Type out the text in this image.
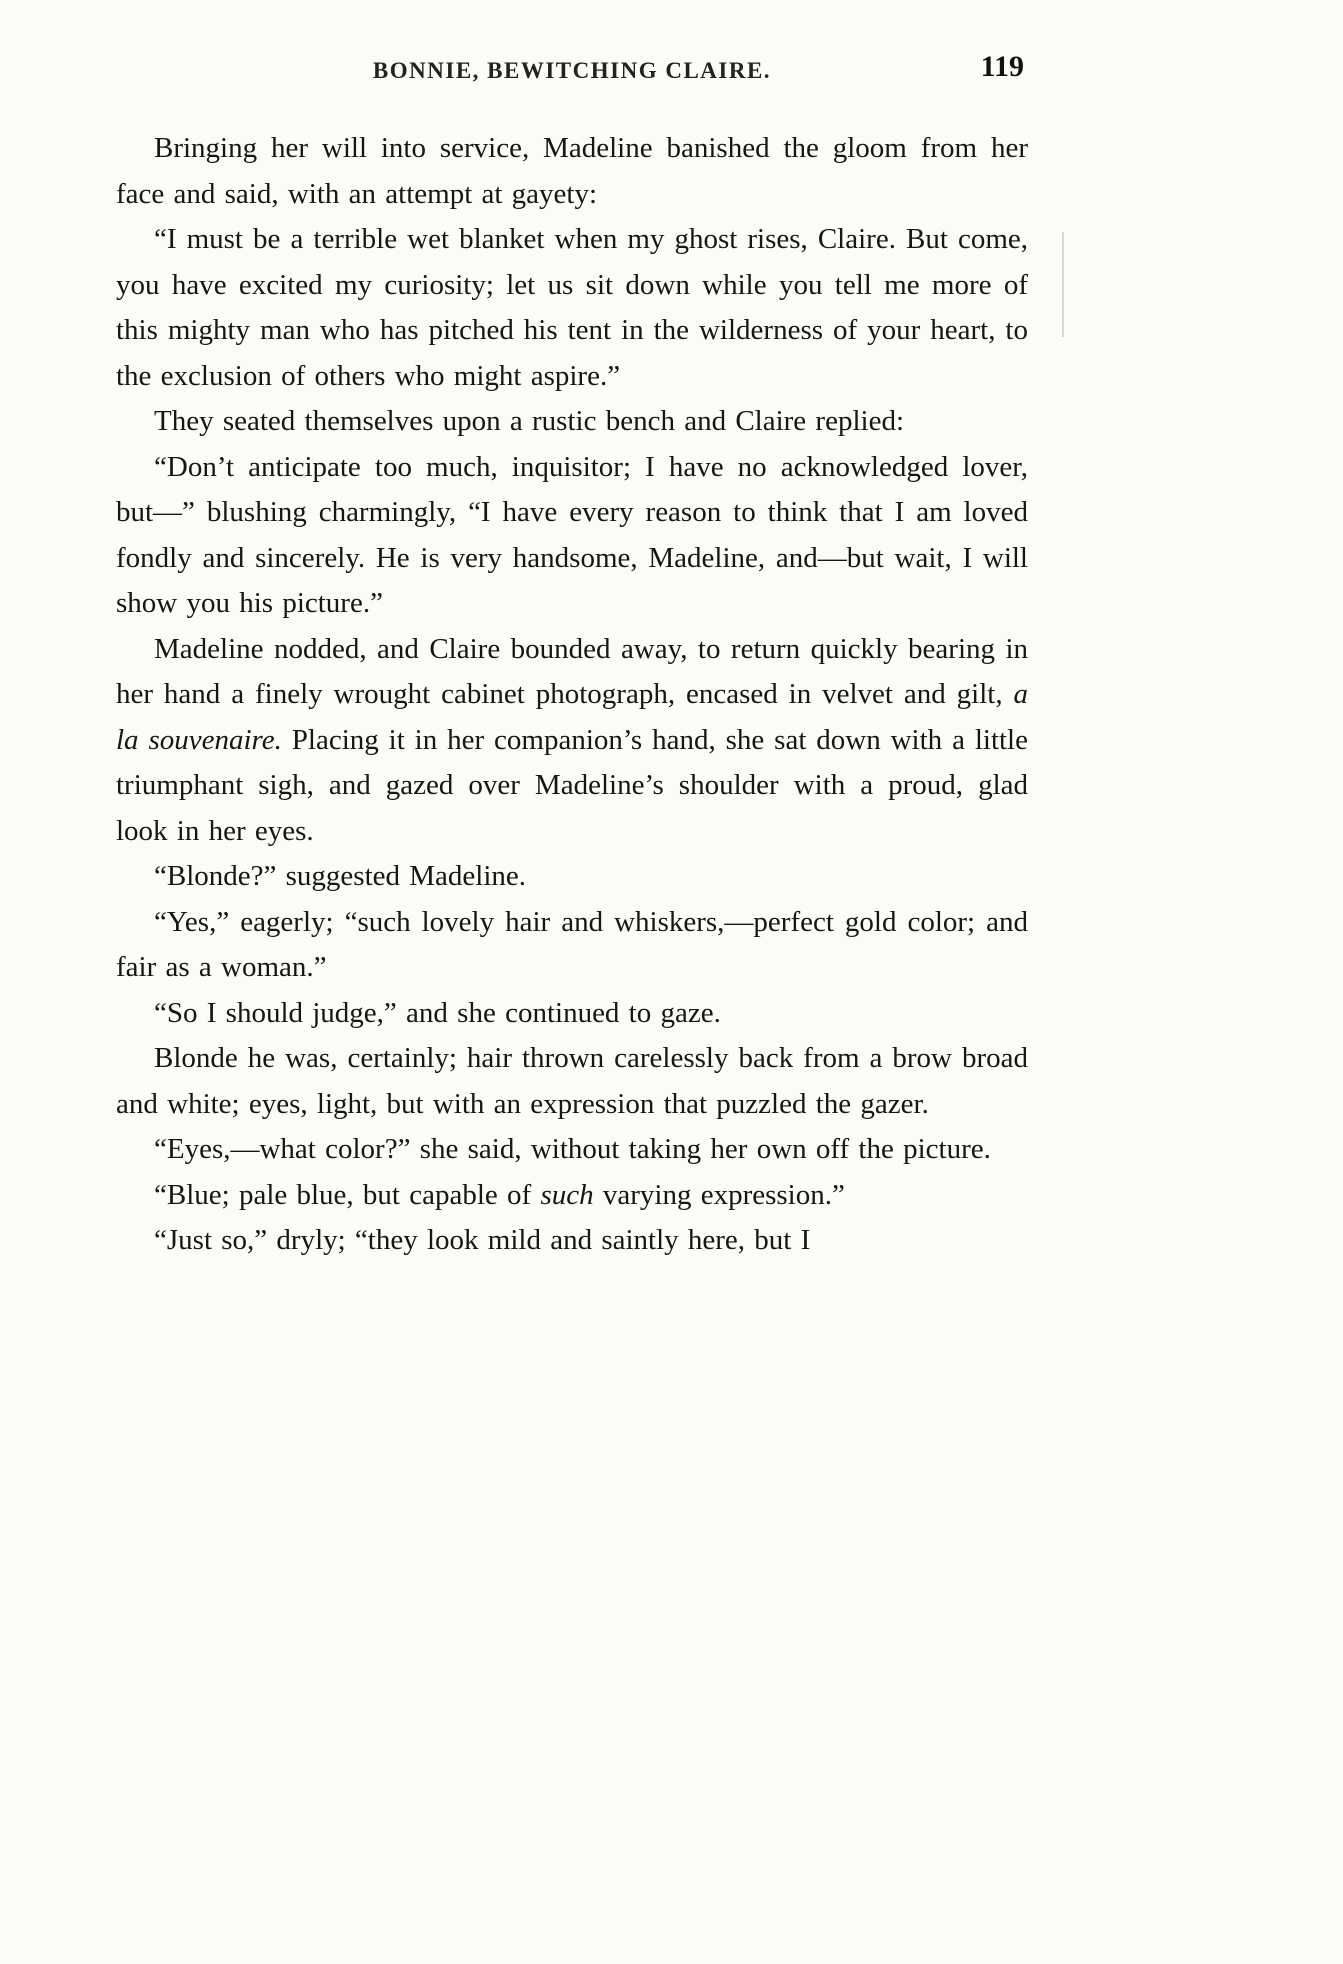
BONNIE, BEWITCHING CLAIRE.	119

Bringing her will into service, Madeline banished the gloom from her face and said, with an attempt at gayety:

“I must be a terrible wet blanket when my ghost rises, Claire. But come, you have excited my curiosity; let us sit down while you tell me more of this mighty man who has pitched his tent in the wilderness of your heart, to the exclusion of others who might aspire.”

They seated themselves upon a rustic bench and Claire replied:

“Don’t anticipate too much, inquisitor; I have no acknowledged lover, but—” blushing charmingly, “I have every reason to think that I am loved fondly and sincerely. He is very handsome, Madeline, and—but wait, I will show you his picture.”

Madeline nodded, and Claire bounded away, to return quickly bearing in her hand a finely wrought cabinet photograph, encased in velvet and gilt, a la souvenaire. Placing it in her companion’s hand, she sat down with a little triumphant sigh, and gazed over Madeline’s shoulder with a proud, glad look in her eyes.

“Blonde?” suggested Madeline.

“Yes,” eagerly; “such lovely hair and whiskers,—perfect gold color; and fair as a woman.”

“So I should judge,” and she continued to gaze.

Blonde he was, certainly; hair thrown carelessly back from a brow broad and white; eyes, light, but with an expression that puzzled the gazer.

“Eyes,—what color?” she said, without taking her own off the picture.

“Blue; pale blue, but capable of such varying expression.”

“Just so,” dryly; “they look mild and saintly here, but I
